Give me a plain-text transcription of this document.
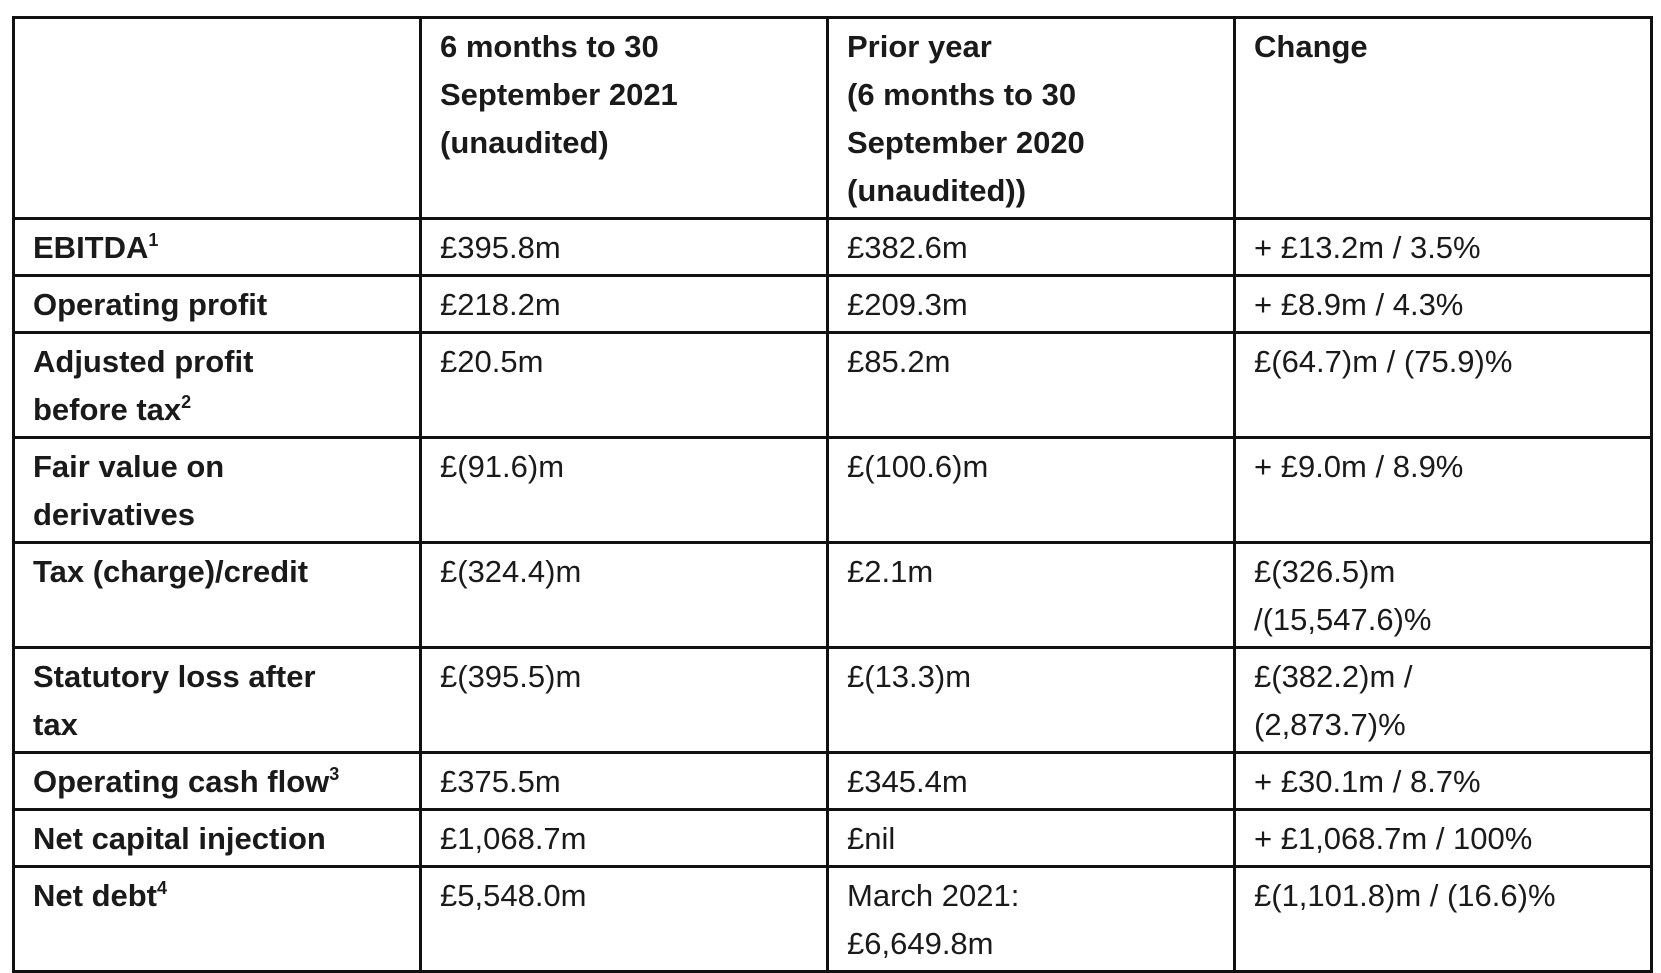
	6 months to 30
September 2021
(unaudited)	Prior year
(6 months to 30
September 2020
(unaudited))	Change

EBITDA$^1$	£395.8m	£382.6m	+ £13.2m / 3.5%

Operating profit	£218.2m	£209.3m	+ £8.9m / 4.3%

Adjusted profit
before tax$^2$	£20.5m	£85.2m	£(64.7)m / (75.9)%

Fair value on
derivatives	£(91.6)m	£(100.6)m	+ £9.0m / 8.9%

Tax (charge)/credit	£(324.4)m	£2.1m	£(326.5)m
/(15,547.6)%

Statutory loss after
tax	£(395.5)m	£(13.3)m	£(382.2)m /
(2,873.7)%

Operating cash flow$^3$	£375.5m	£345.4m	+ £30.1m / 8.7%

Net capital injection	£1,068.7m	£nil	+ £1,068.7m / 100%

Net debt$^4$	£5,548.0m	March 2021:
£6,649.8m	£(1,101.8)m / (16.6)%
